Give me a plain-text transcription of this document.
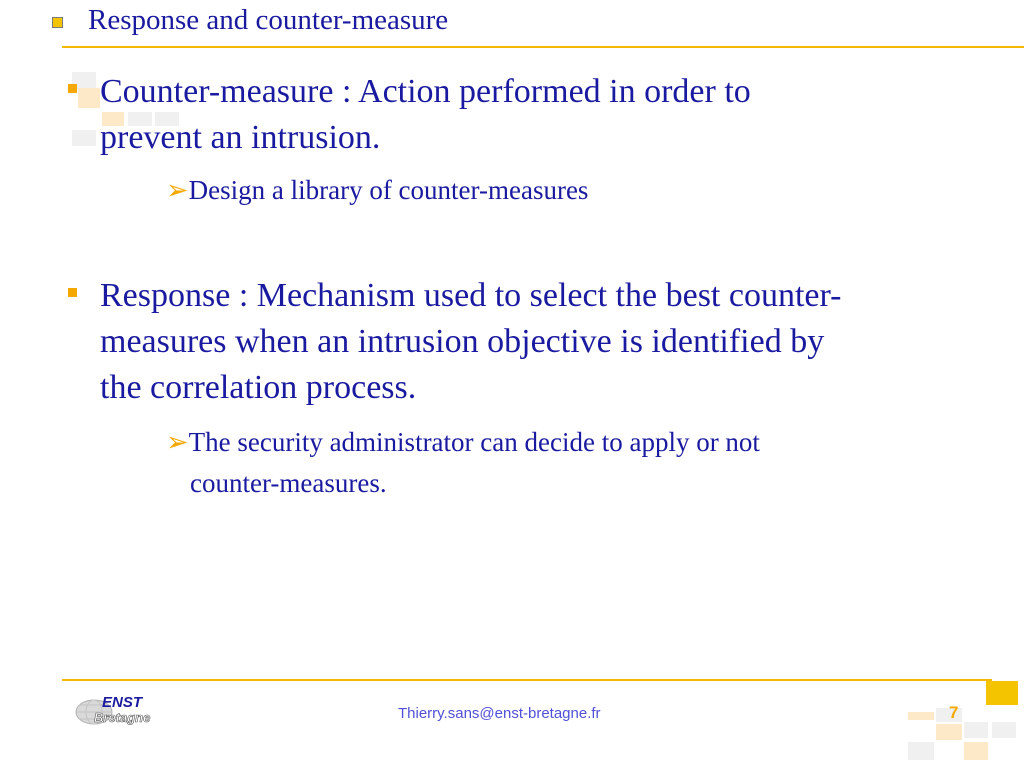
Response and counter-measure
Counter-measure : Action performed in order to
prevent an intrusion.
➢Design a library of counter-measures
Response : Mechanism used to select the best counter-
measures when an intrusion objective is identified by
the correlation process.
➢The security administrator can decide to apply or not
counter-measures.
ENST
Bretagne	Thierry.sans@enst-bretagne.fr	7
